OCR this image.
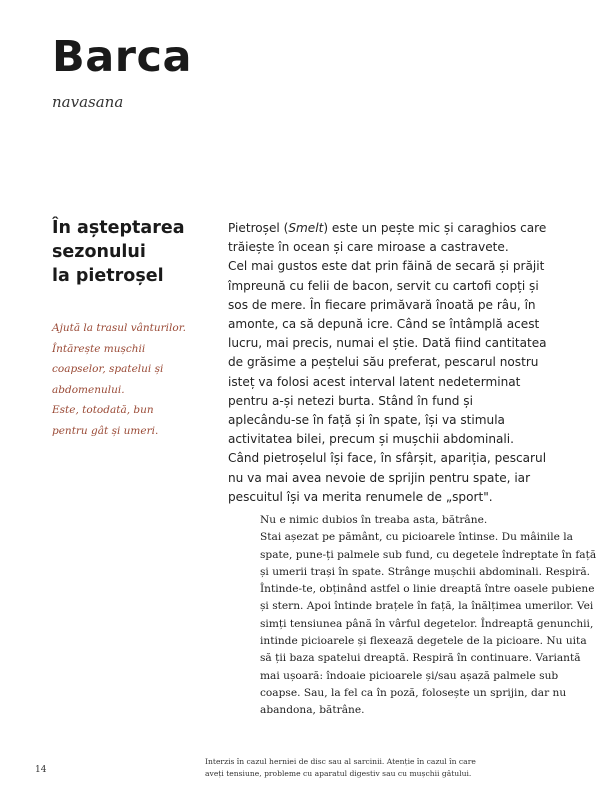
Barca
navasana
În așteptarea
sezonului
la pietroșel
Ajută la trasul vânturilor.
Întărește mușchii
coapselor, spatelui și
abdomenului.
Este, totodată, bun
pentru gât și umeri.
Pietroșel (Smelt) este un pește mic și caraghios care
trăiește în ocean și care miroase a castravete.
Cel mai gustos este dat prin făină de secară și prăjit
împreună cu felii de bacon, servit cu cartofi copți și
sos de mere. În fiecare primăvară înoată pe râu, în
amonte, ca să depună icre. Când se întâmplă acest
lucru, mai precis, numai el știe. Dată fiind cantitatea
de grăsime a peștelui său preferat, pescarul nostru
isteț va folosi acest interval latent nedeterminat
pentru a-și netezi burta. Stând în fund și
aplecându-se în față și în spate, își va stimula
activitatea bilei, precum și mușchii abdominali.
Când pietroșelul își face, în sfârșit, apariția, pescarul
nu va mai avea nevoie de sprijin pentru spate, iar
pescuitul își va merita renumele de „sport".
Nu e nimic dubios în treaba asta, bătrâne.
Stai așezat pe pământ, cu picioarele întinse. Du mâinile la
spate, pune-ți palmele sub fund, cu degetele îndreptate în față
și umerii trași în spate. Strânge mușchii abdominali. Respiră.
Întinde-te, obținând astfel o linie dreaptă între oasele pubiene
și stern. Apoi întinde brațele în față, la înălțimea umerilor. Vei
simți tensiunea până în vârful degetelor. Îndreaptă genunchii,
intinde picioarele și flexează degetele de la picioare. Nu uita
să ții baza spatelui dreaptă. Respiră în continuare. Variantă
mai ușoară: îndoaie picioarele și/sau așază palmele sub
coapse. Sau, la fel ca în poză, folosește un sprijin, dar nu
abandona, bătrâne.
14
Interzis în cazul herniei de disc sau al sarcinii. Atenție în cazul în care
aveți tensiune, probleme cu aparatul digestiv sau cu mușchii gâtului.
